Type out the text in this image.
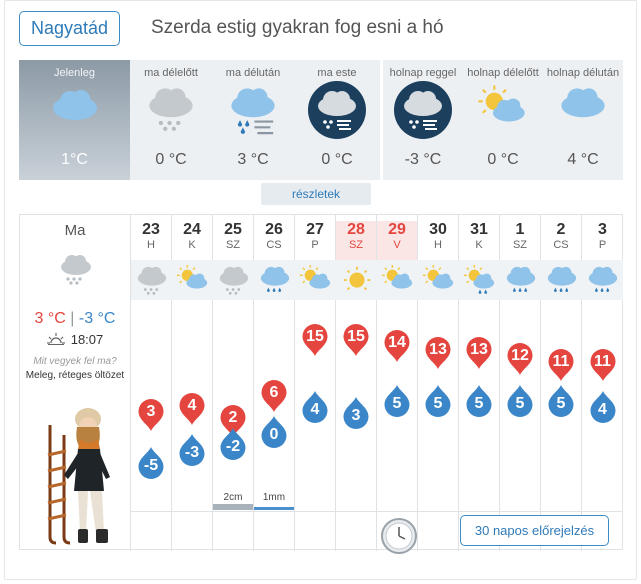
Nagyatád	Szerda estig gyakran fog esni a hó
Jelenleg
1°C
ma délelőtt
0 °C
ma délután
3 °C
ma este
0 °C
holnap reggel
-3 °C
holnap délelőtt
0 °C
holnap délután
4 °C
részletek
Ma
3 °C | -3 °C
18:07
Mit vegyek fel ma?
Meleg, réteges öltözet
23
H
3
-5
24
K
4
-3
25
SZ
2
-2
2cm
26
CS
6
0
1mm
27
P
15
4
28
SZ
15
3
29
V
14
5
30
H
13
5
31
K
13
5
1
SZ
12
5
2
CS
11
5
3
P
11
4
30 napos előrejelzés
